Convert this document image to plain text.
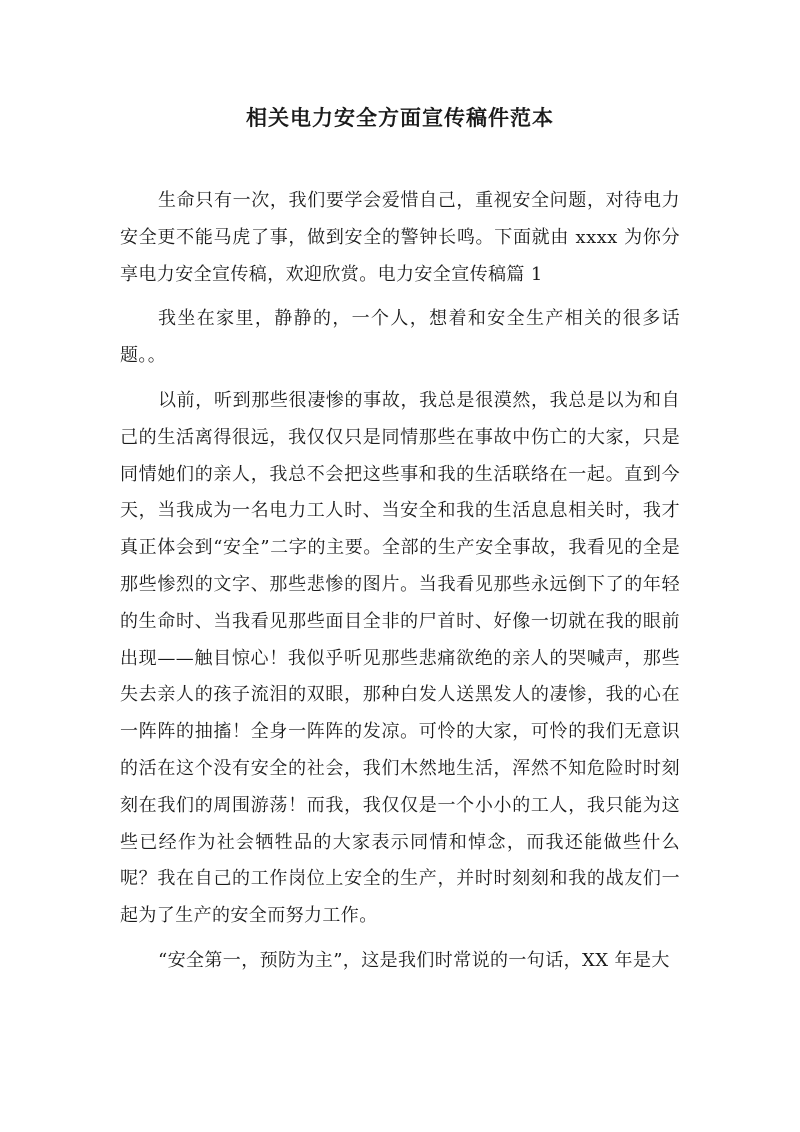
相关电力安全方面宣传稿件范本

生命只有一次，我们要学会爱惜自己，重视安全问题，对待电力安全更不能马虎了事，做到安全的警钟长鸣。下面就由 xxxx 为你分享电力安全宣传稿，欢迎欣赏。电力安全宣传稿篇 1

我坐在家里，静静的，一个人，想着和安全生产相关的很多话题。。

以前，听到那些很凄惨的事故，我总是很漠然，我总是以为和自己的生活离得很远，我仅仅只是同情那些在事故中伤亡的大家，只是同情她们的亲人，我总不会把这些事和我的生活联络在一起。直到今天，当我成为一名电力工人时、当安全和我的生活息息相关时，我才真正体会到“安全”二字的主要。全部的生产安全事故，我看见的全是那些惨烈的文字、那些悲惨的图片。当我看见那些永远倒下了的年轻的生命时、当我看见那些面目全非的尸首时、好像一切就在我的眼前出现——触目惊心！我似乎听见那些悲痛欲绝的亲人的哭喊声，那些失去亲人的孩子流泪的双眼，那种白发人送黑发人的凄惨，我的心在一阵阵的抽搐！全身一阵阵的发凉。可怜的大家，可怜的我们无意识的活在这个没有安全的社会，我们木然地生活，浑然不知危险时时刻刻在我们的周围游荡！而我，我仅仅是一个小小的工人，我只能为这些已经作为社会牺牲品的大家表示同情和悼念，而我还能做些什么呢？我在自己的工作岗位上安全的生产，并时时刻刻和我的战友们一起为了生产的安全而努力工作。

“安全第一，预防为主”，这是我们时常说的一句话，XX 年是大
